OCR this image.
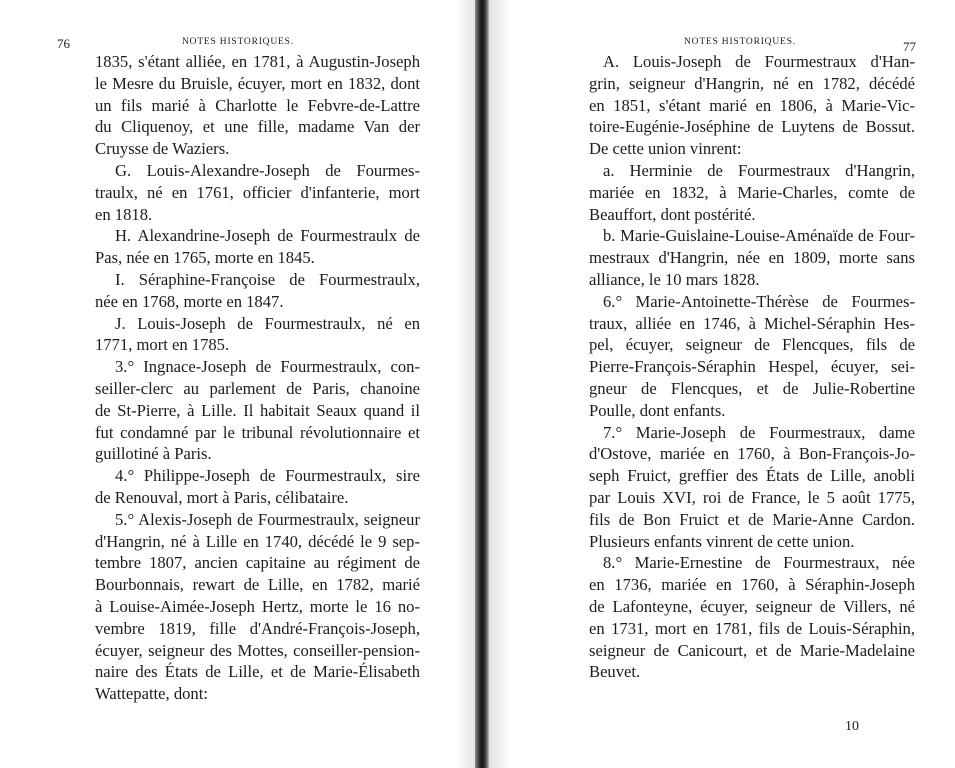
76	NOTES HISTORIQUES.
1835, s'étant alliée, en 1781, à Augustin-Joseph
le Mesre du Bruisle, écuyer, mort en 1832, dont
un fils marié à Charlotte le Febvre-de-Lattre
du Cliquenoy, et une fille, madame Van der
Cruysse de Waziers.
G. Louis-Alexandre-Joseph de Fourmes-
traulx, né en 1761, officier d'infanterie, mort
en 1818.
H. Alexandrine-Joseph de Fourmestraulx de
Pas, née en 1765, morte en 1845.
I. Séraphine-Françoise de Fourmestraulx,
née en 1768, morte en 1847.
J. Louis-Joseph de Fourmestraulx, né en
1771, mort en 1785.
3.° Ingnace-Joseph de Fourmestraulx, con-
seiller-clerc au parlement de Paris, chanoine
de St-Pierre, à Lille. Il habitait Seaux quand il
fut condamné par le tribunal révolutionnaire et
guillotiné à Paris.
4.° Philippe-Joseph de Fourmestraulx, sire
de Renouval, mort à Paris, célibataire.
5.° Alexis-Joseph de Fourmestraulx, seigneur
d'Hangrin, né à Lille en 1740, décédé le 9 sep-
tembre 1807, ancien capitaine au régiment de
Bourbonnais, rewart de Lille, en 1782, marié
à Louise-Aimée-Joseph Hertz, morte le 16 no-
vembre 1819, fille d'André-François-Joseph,
écuyer, seigneur des Mottes, conseiller-pension-
naire des États de Lille, et de Marie-Élisabeth
Wattepatte, dont:
NOTES HISTORIQUES.	77
A. Louis-Joseph de Fourmestraux d'Han-
grin, seigneur d'Hangrin, né en 1782, décédé
en 1851, s'étant marié en 1806, à Marie-Vic-
toire-Eugénie-Joséphine de Luytens de Bossut.
De cette union vinrent:
a. Herminie de Fourmestraux d'Hangrin,
mariée en 1832, à Marie-Charles, comte de
Beauffort, dont postérité.
b. Marie-Guislaine-Louise-Aménaïde de Four-
mestraux d'Hangrin, née en 1809, morte sans
alliance, le 10 mars 1828.
6.° Marie-Antoinette-Thérèse de Fourmes-
traux, alliée en 1746, à Michel-Séraphin Hes-
pel, écuyer, seigneur de Flencques, fils de
Pierre-François-Séraphin Hespel, écuyer, sei-
gneur de Flencques, et de Julie-Robertine
Poulle, dont enfants.
7.° Marie-Joseph de Fourmestraux, dame
d'Ostove, mariée en 1760, à Bon-François-Jo-
seph Fruict, greffier des États de Lille, anobli
par Louis XVI, roi de France, le 5 août 1775,
fils de Bon Fruict et de Marie-Anne Cardon.
Plusieurs enfants vinrent de cette union.
8.° Marie-Ernestine de Fourmestraux, née
en 1736, mariée en 1760, à Séraphin-Joseph
de Lafonteyne, écuyer, seigneur de Villers, né
en 1731, mort en 1781, fils de Louis-Séraphin,
seigneur de Canicourt, et de Marie-Madelaine
Beuvet.
10
